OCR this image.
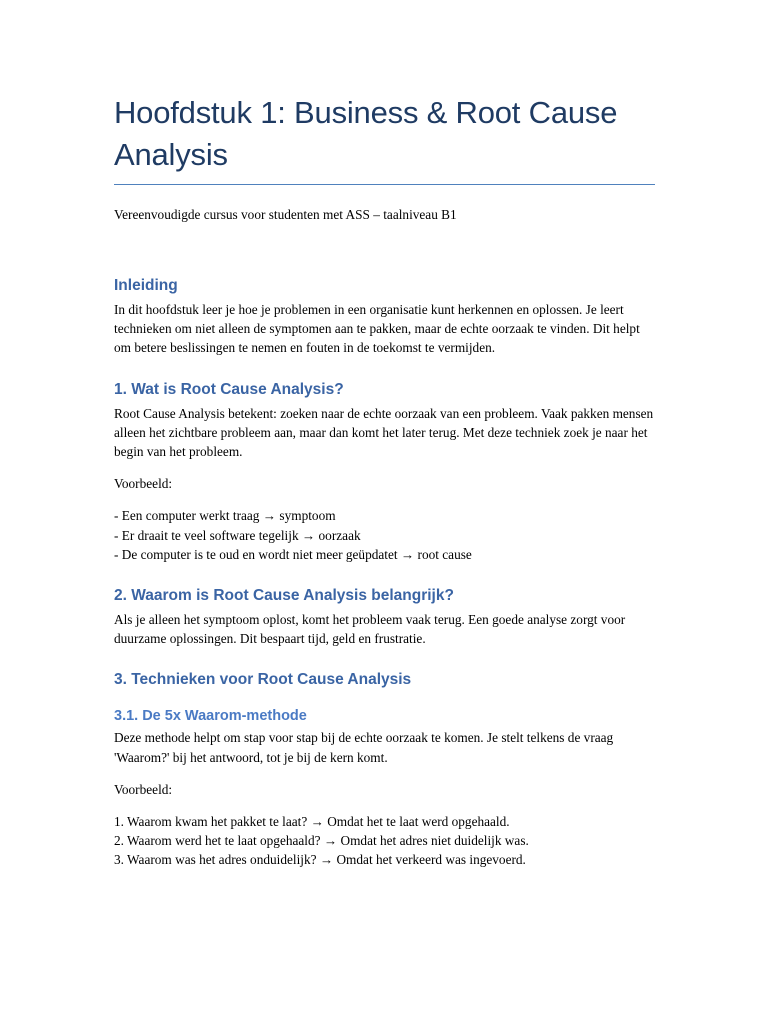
Hoofdstuk 1: Business & Root Cause Analysis
Vereenvoudigde cursus voor studenten met ASS – taalniveau B1
Inleiding

In dit hoofdstuk leer je hoe je problemen in een organisatie kunt herkennen en oplossen. Je leert technieken om niet alleen de symptomen aan te pakken, maar de echte oorzaak te vinden. Dit helpt om betere beslissingen te nemen en fouten in de toekomst te vermijden.

1. Wat is Root Cause Analysis?

Root Cause Analysis betekent: zoeken naar de echte oorzaak van een probleem. Vaak pakken mensen alleen het zichtbare probleem aan, maar dan komt het later terug. Met deze techniek zoek je naar het begin van het probleem.

Voorbeeld:

- Een computer werkt traag → symptoom

- Er draait te veel software tegelijk → oorzaak

- De computer is te oud en wordt niet meer geüpdatet → root cause

2. Waarom is Root Cause Analysis belangrijk?

Als je alleen het symptoom oplost, komt het probleem vaak terug. Een goede analyse zorgt voor duurzame oplossingen. Dit bespaart tijd, geld en frustratie.

3. Technieken voor Root Cause Analysis
3.1. De 5x Waarom-methode

Deze methode helpt om stap voor stap bij de echte oorzaak te komen. Je stelt telkens de vraag 'Waarom?' bij het antwoord, tot je bij de kern komt.

Voorbeeld:

1. Waarom kwam het pakket te laat? → Omdat het te laat werd opgehaald.

2. Waarom werd het te laat opgehaald? → Omdat het adres niet duidelijk was.

3. Waarom was het adres onduidelijk? → Omdat het verkeerd was ingevoerd.
